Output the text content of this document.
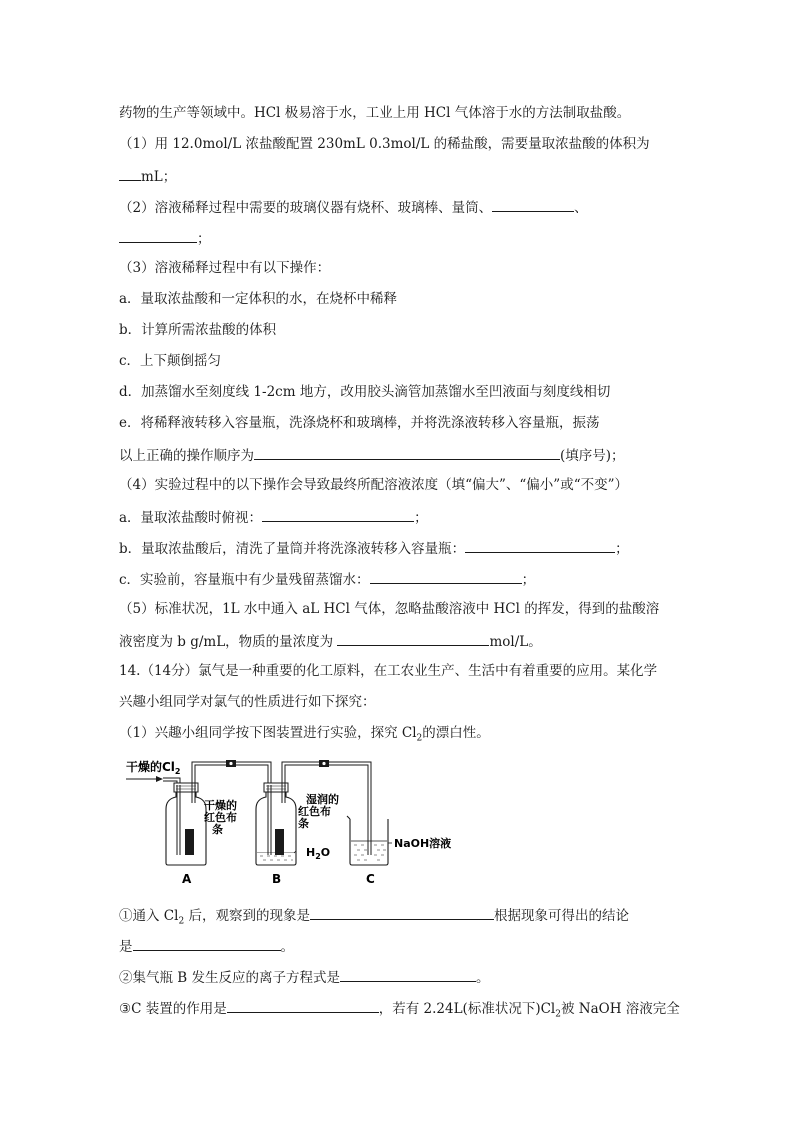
药物的生产等领域中。HCl 极易溶于水，工业上用 HCl 气体溶于水的方法制取盐酸。
（1）用 12.0mol/L 浓盐酸配置 230mL 0.3mol/L 的稀盐酸，需要量取浓盐酸的体积为
mL；
（2）溶液稀释过程中需要的玻璃仪器有烧杯、玻璃棒、量筒、	、
；
（3）溶液稀释过程中有以下操作：
a．量取浓盐酸和一定体积的水，在烧杯中稀释
b．计算所需浓盐酸的体积
c．上下颠倒摇匀
d．加蒸馏水至刻度线 1-2cm 地方，改用胶头滴管加蒸馏水至凹液面与刻度线相切
e．将稀释液转移入容量瓶，洗涤烧杯和玻璃棒，并将洗涤液转移入容量瓶，振荡
以上正确的操作顺序为	(填序号)；
（4）实验过程中的以下操作会导致最终所配溶液浓度（填“偏大”、“偏小”或“不变”）
a．量取浓盐酸时俯视：	；
b．量取浓盐酸后，清洗了量筒并将洗涤液转移入容量瓶：	；
c．实验前，容量瓶中有少量残留蒸馏水：	；
（5）标准状况，1L 水中通入 aL HCl 气体，忽略盐酸溶液中 HCl 的挥发，得到的盐酸溶
液密度为 b g/mL，物质的量浓度为	mol/L。
14.（14分）氯气是一种重要的化工原料，在工农业生产、生活中有着重要的应用。某化学
兴趣小组同学对氯气的性质进行如下探究：
（1）兴趣小组同学按下图装置进行实验，探究 $Cl_2$的漂白性。
干燥的$Cl_2$
干燥的
红色布
条
湿润的
红色布
条
$H_2O$
NaOH溶液
A	B	C
①通入 $Cl_2$ 后，观察到的现象是	根据现象可得出的结论
是	。
②集气瓶 B 发生反应的离子方程式是	。
③C 装置的作用是	，若有 2.24L(标准状况下)$Cl_2$被 NaOH 溶液完全
